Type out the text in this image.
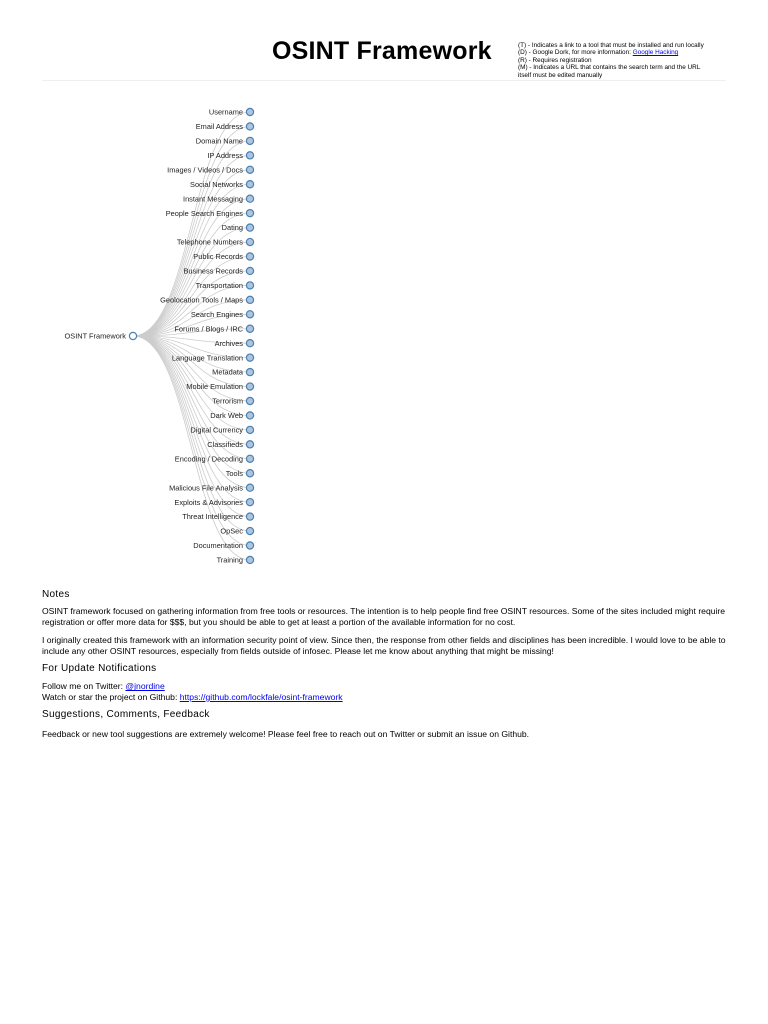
OSINT Framework	(T) - Indicates a link to a tool that must be installed and run locally
(D) - Google Dork, for more information: Google Hacking
(R) - Requires registration
(M) - Indicates a URL that contains the search term and the URL
itself must be edited manually
OSINT Framework
Username
Email Address
Domain Name
IP Address
Images / Videos / Docs
Social Networks
Instant Messaging
People Search Engines
Dating
Telephone Numbers
Public Records
Business Records
Transportation
Geolocation Tools / Maps
Search Engines
Forums / Blogs / IRC
Archives
Language Translation
Metadata
Mobile Emulation
Terrorism
Dark Web
Digital Currency
Classifieds
Encoding / Decoding
Tools
Malicious File Analysis
Exploits & Advisories
Threat Intelligence
OpSec
Documentation
Training
Notes

OSINT framework focused on gathering information from free tools or resources. The intention is to help people find free OSINT resources. Some of the sites included might require registration or offer more data for $$$, but you should be able to get at least a portion of the available information for no cost.

I originally created this framework with an information security point of view. Since then, the response from other fields and disciplines has been incredible. I would love to be able to include any other OSINT resources, especially from fields outside of infosec. Please let me know about anything that might be missing!

For Update Notifications
Follow me on Twitter: @jnordine
Watch or star the project on Github: https://github.com/lockfale/osint-framework
Suggestions, Comments, Feedback

Feedback or new tool suggestions are extremely welcome! Please feel free to reach out on Twitter or submit an issue on Github.
